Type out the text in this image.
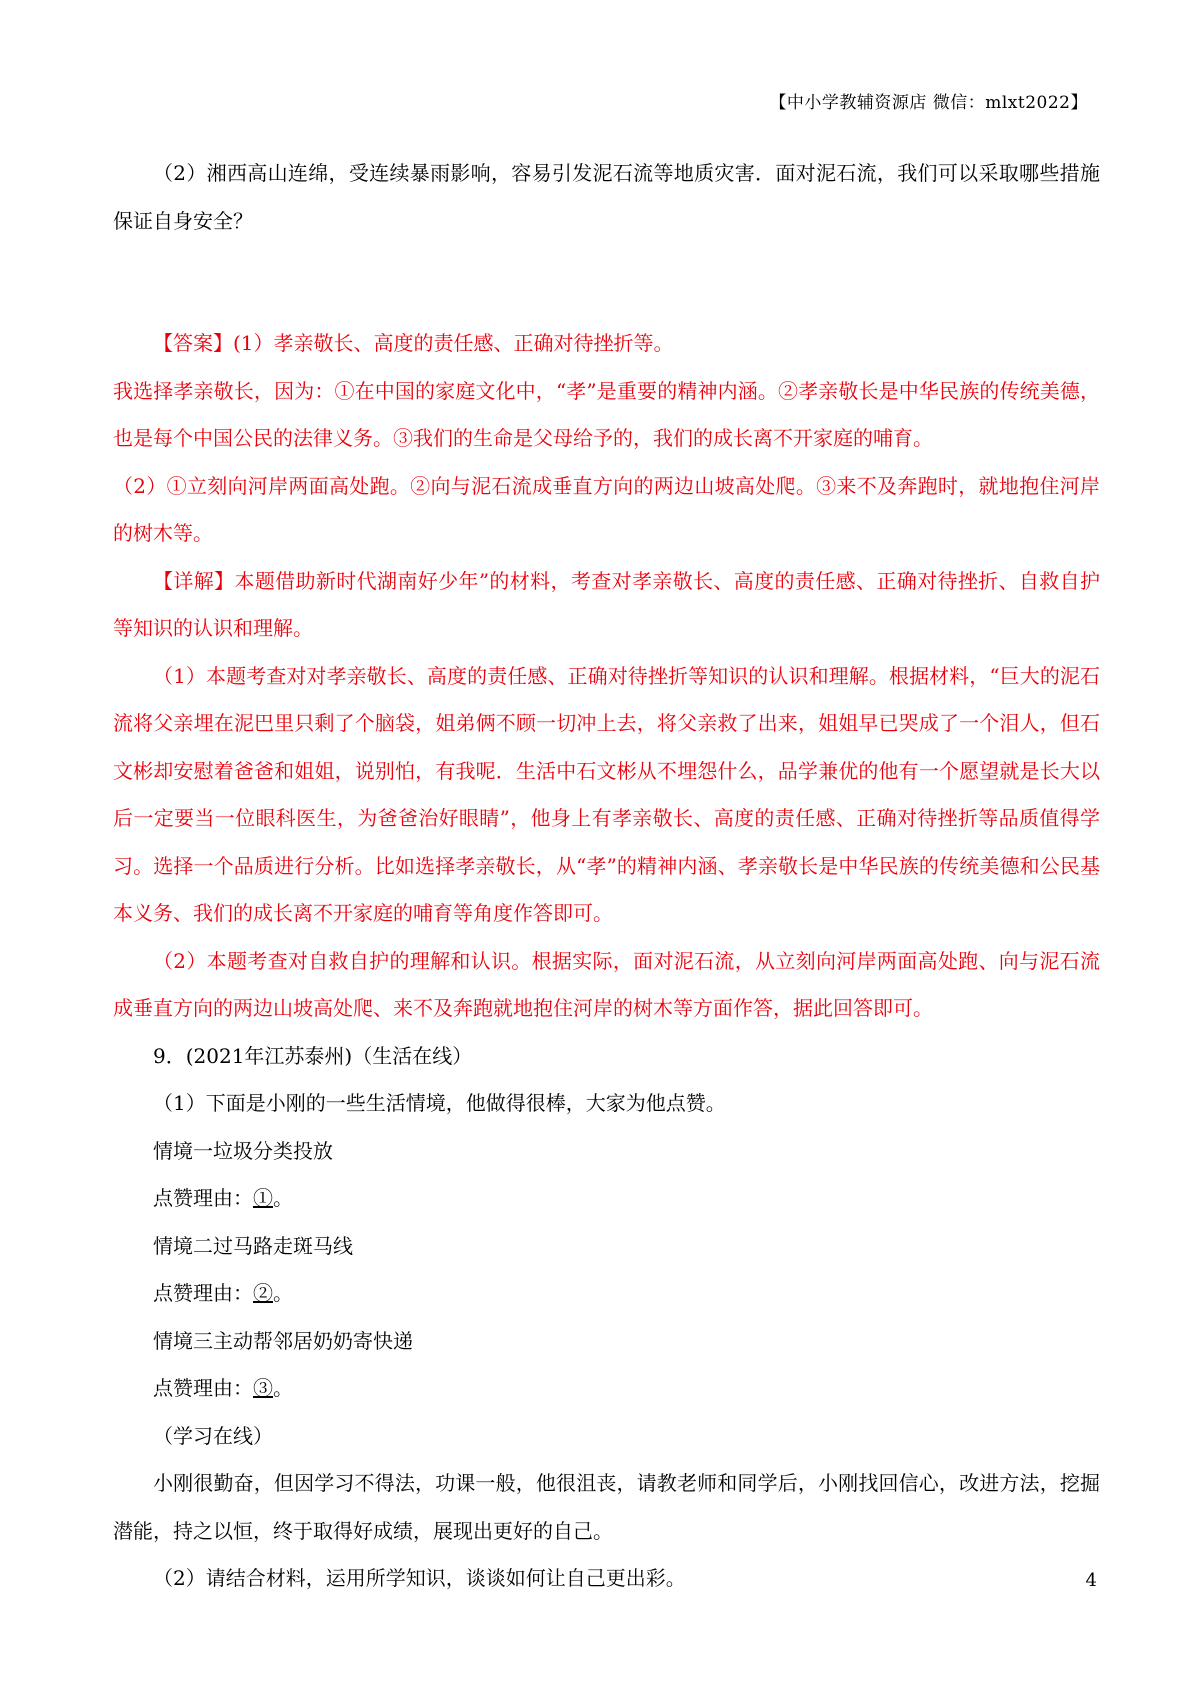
【中小学教辅资源店 微信：mlxt2022】

（2）湘西高山连绵，受连续暴雨影响，容易引发泥石流等地质灾害．面对泥石流，我们可以采取哪些措施保证自身安全？

【答案】(1）孝亲敬长、高度的责任感、正确对待挫折等。

我选择孝亲敬长，因为：①在中国的家庭文化中，“孝”是重要的精神内涵。②孝亲敬长是中华民族的传统美德，也是每个中国公民的法律义务。③我们的生命是父母给予的，我们的成长离不开家庭的哺育。

（2）①立刻向河岸两面高处跑。②向与泥石流成垂直方向的两边山坡高处爬。③来不及奔跑时，就地抱住河岸的树木等。

【详解】本题借助新时代湖南好少年”的材料，考查对孝亲敬长、高度的责任感、正确对待挫折、自救自护等知识的认识和理解。

（1）本题考查对对孝亲敬长、高度的责任感、正确对待挫折等知识的认识和理解。根据材料，“巨大的泥石流将父亲埋在泥巴里只剩了个脑袋，姐弟俩不顾一切冲上去，将父亲救了出来，姐姐早已哭成了一个泪人，但石文彬却安慰着爸爸和姐姐，说别怕，有我呢．生活中石文彬从不埋怨什么，品学兼优的他有一个愿望就是长大以后一定要当一位眼科医生，为爸爸治好眼睛”，他身上有孝亲敬长、高度的责任感、正确对待挫折等品质值得学习。选择一个品质进行分析。比如选择孝亲敬长，从“孝”的精神内涵、孝亲敬长是中华民族的传统美德和公民基本义务、我们的成长离不开家庭的哺育等角度作答即可。

（2）本题考查对自救自护的理解和认识。根据实际，面对泥石流，从立刻向河岸两面高处跑、向与泥石流成垂直方向的两边山坡高处爬、来不及奔跑就地抱住河岸的树木等方面作答，据此回答即可。

9．(2021年江苏泰州)（生活在线）

（1）下面是小刚的一些生活情境，他做得很棒，大家为他点赞。

情境一垃圾分类投放

点赞理由：①。

情境二过马路走斑马线

点赞理由：②。

情境三主动帮邻居奶奶寄快递

点赞理由：③。

（学习在线）

小刚很勤奋，但因学习不得法，功课一般，他很沮丧，请教老师和同学后，小刚找回信心，改进方法，挖掘潜能，持之以恒，终于取得好成绩，展现出更好的自己。

（2）请结合材料，运用所学知识，谈谈如何让自己更出彩。	4
